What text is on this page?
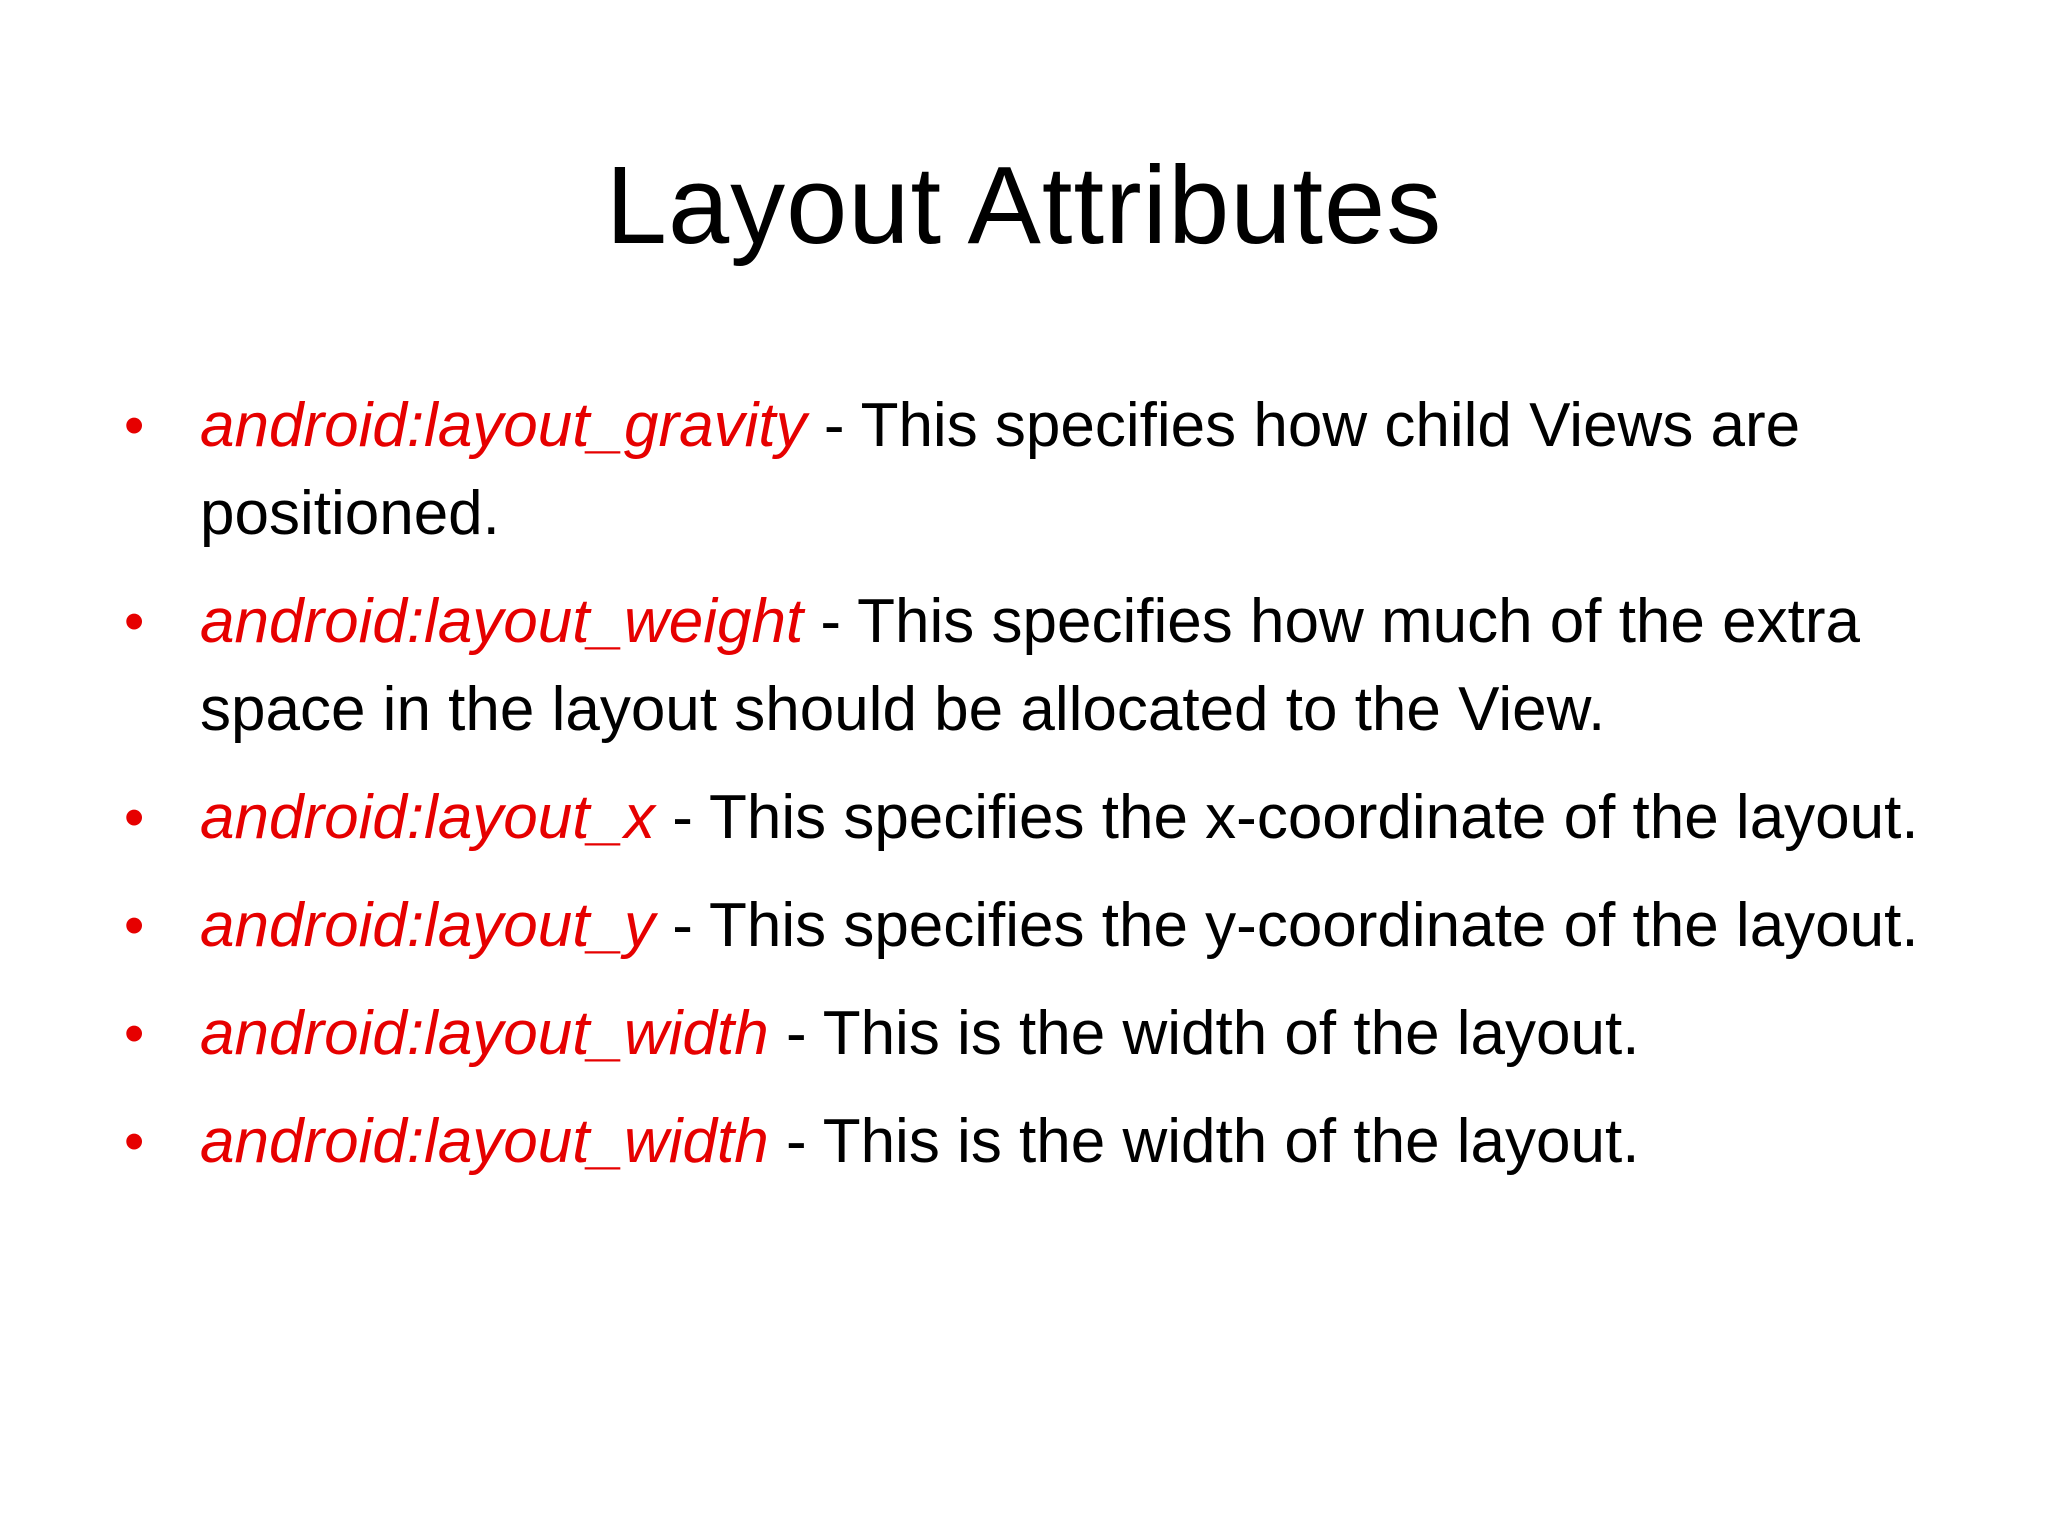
Layout Attributes
• android:layout_gravity - This specifies how child Views are positioned.
• android:layout_weight - This specifies how much of the extra space in the layout should be allocated to the View.
• android:layout_x - This specifies the x-coordinate of the layout.
• android:layout_y - This specifies the y-coordinate of the layout.
• android:layout_width - This is the width of the layout.
• android:layout_width - This is the width of the layout.
